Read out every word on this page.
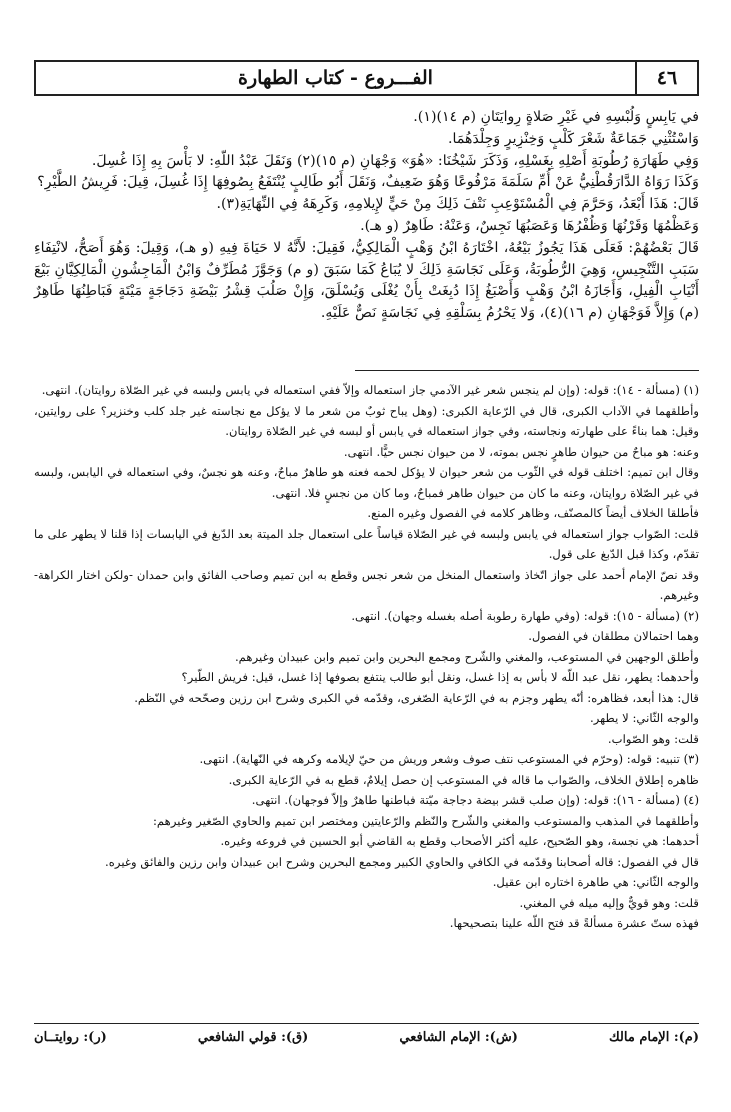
٤٦
الفـــروع - كتاب الطهارة

في يَابِسٍ وَلُبْسِهِ في غَيْرِ صَلاةٍ رِوايَتَانِ (م ١٤)(١).

وَاسْتُثْنِي جَمَاعَةٌ شَعْرَ كَلْبٍ وَخِنْزِيرٍ وَجِلْدَهُمَا.

وَفِي طَهَارَةِ رُطُوبَةِ أَصْلِهِ بِغَسْلِهِ، وَذَكَرَ شَيْخُنَا: «هُوَ» وَجْهَانِ (م ١٥)(٢) وَنَقَلَ عَبْدُ اللّهِ: لا بَأْسَ بِهِ إِذَا غُسِلَ.

وَكَذَا رَوَاهُ الدَّارَقُطْنِيُّ عَنْ أُمِّ سَلَمَةَ مَرْفُوعًا وَهُوَ ضَعِيفٌ، وَنَقَلَ أَبُو طَالِبٍ يُنْتَفَعُ بِصُوفِهَا إِذَا غُسِلَ، قِيلَ: فَرِيشُ الطَّيْرِ؟

قَالَ: هَذَا أَبْعَدُ، وَحَرَّمَ فِي الْمُسْتَوْعِبِ نَتْفَ ذَلِكَ مِنْ حَيٍّ لإِيلامِهِ، وَكَرِهَهُ فِي النِّهَايَةِ(٣).

وَعَظْمُهَا وَقَرْنُهَا وَظُفْرُهَا وَعَصَبُهَا نَجِسٌ، وَعَنْهُ: طَاهِرٌ (و هـ).

قَالَ بَعْضُهُمْ: فَعَلَى هَذَا يَجُوزُ بَيْعُهُ، اخْتَارَهُ ابْنُ وَهْبٍ الْمَالِكِيُّ، فَقِيلَ: لأَنَّهُ لا حَيَاةَ فِيهِ (و هـ)، وَقِيلَ: وَهُوَ أَصَحُّ، لانْتِفَاءِ سَبَبِ التَّنْجِيسِ، وَهِيَ الرُّطُوبَةُ، وَعَلَى نَجَاسَةِ ذَلِكَ لا يُبَاعُ كَمَا سَبَقَ (و م) وَجَوَّزَ مُطَرِّفٌ وَابْنُ الْمَاجِشُونِ الْمَالِكِيَّانِ بَيْعَ أَنْيَابِ الْفِيلِ، وَأَجَازَهُ ابْنُ وَهْبٍ وَأَصْبَغُ إِذَا دُبِغَتْ بِأَنْ يُغْلَى وَيُسْلَقَ، وَإِنْ صَلُبَ قِشْرُ بَيْضَةِ دَجَاجَةٍ مَيْتَةٍ فَبَاطِنُهَا طَاهِرٌ (م) وَإِلاَّ فَوَجْهَانِ (م ١٦)(٤)، وَلا يَحْرُمُ بِسَلْقِهِ فِي نَجَاسَةٍ نَصٌّ عَلَيْهِ.

(١) (مسألة - ١٤): قوله: (وإن لم ينجس شعر غير الآدمي جاز استعماله وإلاّ ففي استعماله في يابس ولبسه في غير الصّلاة روايتان). انتهى.

وأطلقهما في الآداب الكبرى، قال في الرّعاية الكبرى: (وهل يباح ثوبٌ من شعر ما لا يؤكل مع نجاسته غير جلد كلب وخنزير؟ على روايتين، وقيل: هما بناءً على طهارته ونجاسته، وفي جواز استعماله في يابس أو لبسه في غير الصّلاة روايتان.

وعنه: هو مباحٌ من حيوان طاهرٍ نجس بموته، لا من حيوان نجس حيًّا. انتهى.

وقال ابن تميم: اختلف قوله في الثّوب من شعر حيوان لا يؤكل لحمه فعنه هو طاهرٌ مباحٌ، وعنه هو نجسٌ، وفي استعماله في اليابس، ولبسه في غير الصّلاة روايتان، وعنه ما كان من حيوان طاهر فمباحٌ، وما كان من نجسٍ فلا. انتهى.

فأطلقا الخلاف أيضاً كالمصنّف، وظاهر كلامه في الفصول وغيره المنع.

قلت: الصّواب جواز استعماله في يابس ولبسه في غير الصّلاة قياساً على استعمال جلد الميتة بعد الدّبغ في اليابسات إذا قلنا لا يطهر على ما تقدّم، وكذا قبل الدّبغ على قول.

وقد نصّ الإمام أحمد على جواز اتّخاذ واستعمال المنخل من شعر نجس وقطع به ابن تميم وصاحب الفائق وابن حمدان -ولكن اختار الكراهة- وغيرهم.

(٢) (مسألة - ١٥): قوله: (وفي طهارة رطوبة أصله بغسله وجهان). انتهى.

وهما احتمالان مطلقان في الفصول.

وأطلق الوجهين في المستوعب، والمغني والشّرح ومجمع البحرين وابن تميم وابن عبيدان وغيرهم.

وأحدهما: يطهر، نقل عبد اللّه لا بأس به إذا غسل، ونقل أبو طالب ينتفع بصوفها إذا غسل، قيل: فريش الطّير؟

قال: هذا أبعد، فظاهره: أنّه يطهر وجزم به في الرّعاية الصّغرى، وقدّمه في الكبرى وشرح ابن رزين وصحّحه في النّظم.

والوجه الثّاني: لا يطهر.

قلت: وهو الصّواب.

(٣) تنبيه: قوله: (وحرّم في المستوعب نتف صوف وشعر وريش من حيّ لإيلامه وكرهه في النّهاية). انتهى.

ظاهره إطلاق الخلاف، والصّواب ما قاله في المستوعب إن حصل إيلامٌ، قطع به في الرّعاية الكبرى.

(٤) (مسألة - ١٦): قوله: (وإن صلب قشر بيضة دجاجة ميّتة فباطنها طاهرٌ وإلاّ فوجهان). انتهى.

وأطلقهما في المذهب والمستوعب والمغني والشّرح والنّظم والرّعايتين ومختصر ابن تميم والحاوي الصّغير وغيرهم:

أحدهما: هي نجسة، وهو الصّحيح، عليه أكثر الأصحاب وقطع به القاضي أبو الحسين في فروعه وغيره.

قال في الفصول: قاله أصحابنا وقدّمه في الكافي والحاوي الكبير ومجمع البحرين وشرح ابن عبيدان وابن رزين والفائق وغيره.

والوجه الثّاني: هي طاهرة اختاره ابن عقيل.

قلت: وهو قويٌّ وإليه ميله في المغني.

فهذه ستّ عشرة مسألةً قد فتح اللّه علينا بتصحيحها.

(م): الإمام مالك
(ش): الإمام الشافعي
(ق): قولي الشافعي
(ر): روايتــان
